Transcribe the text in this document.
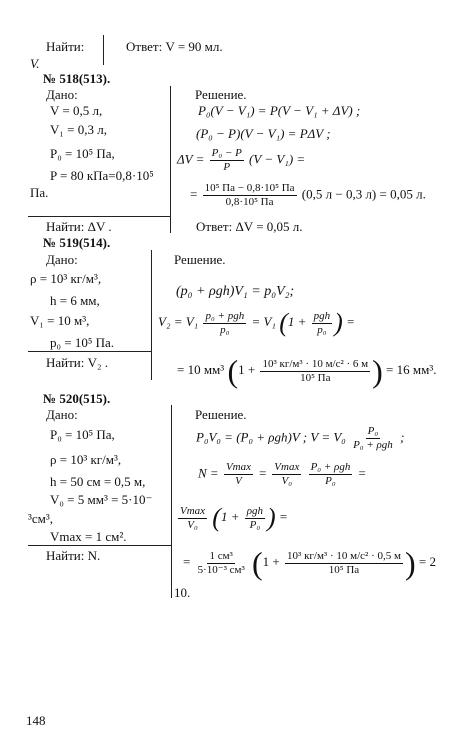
Найти:
V.
Ответ: V = 90 мл.
№ 518(513).
Дано:
V = 0,5 л,
V₁ = 0,3 л,
P₀ = 10⁵ Па,
P = 80 кПа=0,8·10⁵
Па.
Решение.
P₀(V − V₁) = P(V − V₁ + ΔV) ;
(P₀ − P)(V − V₁) = PΔV ;
$\Delta V = \frac{\text{P₀ − P}}{P} (V - V_1)$ =
= $\frac{\text{10⁵ Па − 0,8·10⁵ Па}}{\text{0,8·10⁵ Па}} (0,5$ л − 0,3 л) = 0,05 л.
Найти: ΔV .	Ответ: ΔV = 0,05 л.
№ 519(514).
Дано:
ρ = 10³ кг/м³,
h = 6 мм,
V₁ = 10 м³,
p₀ = 10⁵ Па.
Найти: V₂ .
Решение.
(p₀ + ρgh)V₁ = p₀V₂;
$V_2 = V_1 \frac{\text{p₀ + pgh}}{\text{p₀}} = V_1$ ($1 + \frac{\text{pgh}}{\text{p₀}}$ ) =
= 10 мм³ ($1 + \frac{\text{10³ кг/м³ · 10 м/с² · 6 м}}{\text{10⁵ Па}}$ ) = 16 мм³.
№ 520(515).
Дано:
P₀ = 10⁵ Па,
ρ = 10³ кг/м³,
h = 50 см = 0,5 м,
V₀ = 5 мм³ = 5·10⁻
³см³,
Vmax = 1 см².
Найти: N.
Решение.
P₀V₀ = (P₀ + ρgh)V ; $V = V_0 \frac{\text{P₀}}{\text{P₀ + ρgh}}$ ;
$N = \frac{Vmax}{V} = \frac{Vmax}{\text{V₀}}$
$\frac{\text{P₀ + ρgh}}{\text{P₀}}$ =
$\frac{Vmax}{\text{V₀}} (1 + \frac{\text{ρgh}}{\text{P₀}}$ ) =
= $\frac{\text{1 см³}}{\text{5·10⁻³ см³}} (1 + \frac{\text{10³ кг/м³ · 10 м/с² · 0,5 м}}{\text{10⁵ Па}}$ ) = 2
10.
148
